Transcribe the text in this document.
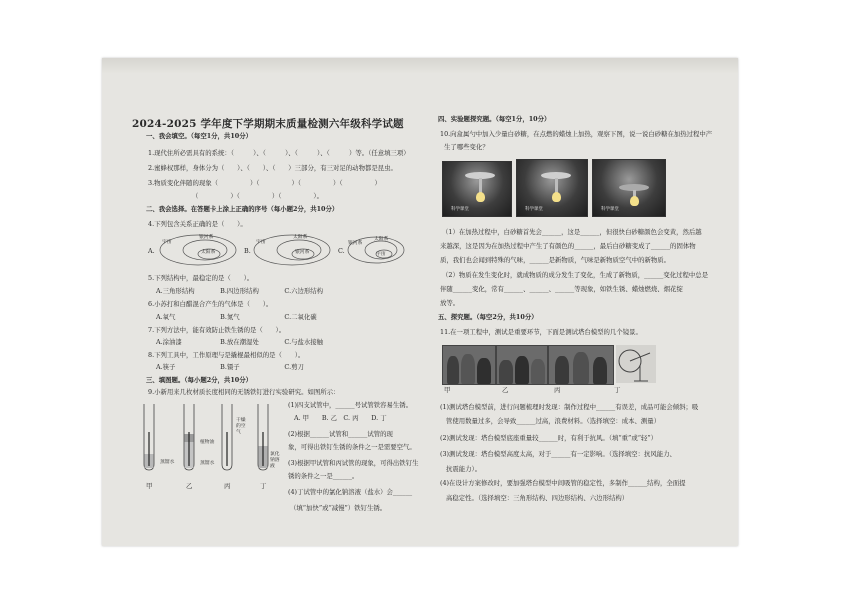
2024-2025 学年度下学期期末质量检测六年级科学试题
一、我会填空。（每空1分，共10分）
1.现代住所必需具有的系统：（　　　）、（　　　）、（　　　）、（　　　）等。（任意填三项）
2.蜜蜂权那样，身体分为（　　）、（　　）、（　　）三部分，有三对足的动物都是昆虫。
3.物质变化伴随的现象（　　　　　）（　　　　　）（　　　　　）（　　　　　）
（　　　　　）（　　　　　）（　　　　　）。
二、我会选择。在答题卡上涂上正确的序号（每小题2分，共10分）
4.下列包含关系正确的是（　　）。
A.
宇宙
银河系
太阳系	B.
宇宙
太阳系
银河系	C.
银河系
太阳系
宇宙
5.下列结构中，最稳定的是（　　）。
A.三角形结构　　　　B.四边形结构　　　　C.六边形结构
6.小苏打和白醋混合产生的气体是（　　）。
A.氧气　　　　　　　B.氮气　　　　　　　C.二氧化碳
7.下列方法中，能有效防止铁生锈的是（　　）。
A.涂油漆　　　　　　B.放在潮湿处　　　　C.与盐水接触
8.下列工具中，工作原理与是撬棍最相似的是（　　）。
A.筷子　　　　　　　B.镊子　　　　　　　C.剪刀
三、填图题。（每小题2分，共10分）
9.小新用来几枚材质长度相同的无锈铁钉进行实验研究。如图所示：
蒸馏水
植物油
蒸馏水
干燥的空气
氯化钠溶液
甲	乙	丙	丁
(1)四支试管中，______号试管铁容易生锈。
A. 甲　　B. 乙　C. 丙　　D. 丁
(2)根据______试管和______试管的现
象，可得出铁钉生锈的条件之一是需要空气。
(3)根据甲试管和丙试管的现象，可得出铁钉生
锈的条件之一是______。
(4)丁试管中的氯化钠溶液（盐水）会______
（填“加快”或“减慢”）铁钉生锈。
四、实验题探究题。（每空1分，10分）
10.向盒属勺中加入少量白砂糖，在点燃的蜡烛上加热，观察下图，说一说白砂糖在加热过程中产
生了哪些变化？
科学课堂	科学课堂	科学课堂
（1）在加热过程中，白砂糖首先会______，这是______，但很快白砂糖颜色会变黄，然后越
来越深，这是因为在加热过程中产生了有颜色的______，最后白砂糖变成了______的固体物
质，我们也会闻到特殊的气味，______是新物质，气味是新物质空气中的新物质。
（2）物质在发生变化时，就成物质的成分发生了变化，生成了新物质，______变化过程中总是
伴随______变化，常有______、______、______等现象，如铁生锈、蜡烛燃烧、烟花绽
放等。
五、探究题。（每空2分，共10分）
11.在一项工程中，测试是重要环节，下面是测试塔台模型的几个镜景。
甲	乙	丙	丁
(1)测试塔台模型前，进行问题梳理时发现：制作过程中______有误差，成品可能会倾斜；吸
管使用数量过多，会导致______过高，浪费材料。（选择填空：成本、测量）
(2)测试发现：塔台模型底座重量较______时，有利于抗风。（填“重”或“轻”）
(3)测试发现：塔台模型高度太高，对于______有一定影响。（选择填空：抗风能力、
抗震能力）。
(4)在设计方案修改时，要加强塔台模型中间吸管的稳定性，多制作______结构，全面提
高稳定性。（选择填空：三角形结构、四边形结构、六边形结构）
